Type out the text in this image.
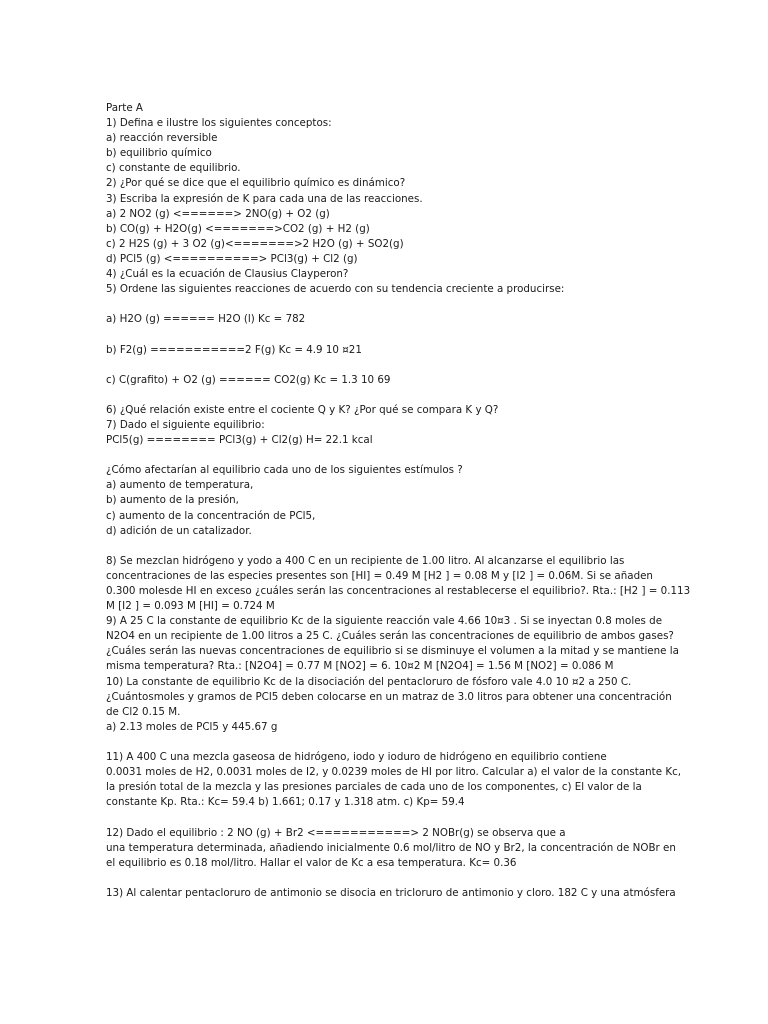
Parte A
1) Defina e ilustre los siguientes conceptos:
a) reacción reversible
b) equilibrio químico
c) constante de equilibrio.
2) ¿Por qué se dice que el equilibrio químico es dinámico?
3) Escriba la expresión de K para cada una de las reacciones.
a) 2 NO2 (g) <======> 2NO(g) + O2 (g)
b) CO(g) + H2O(g) <=======>CO2 (g) + H2 (g)
c) 2 H2S (g) + 3 O2 (g)<=======>2 H2O (g) + SO2(g)
d) PCl5 (g) <==========> PCl3(g) + Cl2 (g)
4) ¿Cuál es la ecuación de Clausius Clayperon?
5) Ordene las siguientes reacciones de acuerdo con su tendencia creciente a producirse:
a) H2O (g) ====== H2O (l) Kc = 782
b) F2(g) ===========2 F(g) Kc = 4.9 10 ¤21
c) C(grafito) + O2 (g) ====== CO2(g) Kc = 1.3 10 69
6) ¿Qué relación existe entre el cociente Q y K? ¿Por qué se compara K y Q?
7) Dado el siguiente equilibrio:
PCl5(g) ======== PCl3(g) + Cl2(g) H= 22.1 kcal
¿Cómo afectarían al equilibrio cada uno de los siguientes estímulos ?
a) aumento de temperatura,
b) aumento de la presión,
c) aumento de la concentración de PCl5,
d) adición de un catalizador.
8) Se mezclan hidrógeno y yodo a 400 C en un recipiente de 1.00 litro. Al alcanzarse el equilibrio las
concentraciones de las especies presentes son [HI] = 0.49 M [H2 ] = 0.08 M y [I2 ] = 0.06M. Si se añaden
0.300 molesde HI en exceso ¿cuáles serán las concentraciones al restablecerse el equilibrio?. Rta.: [H2 ] = 0.113
M [I2 ] = 0.093 M [HI] = 0.724 M
9) A 25 C la constante de equilibrio Kc de la siguiente reacción vale 4.66 10¤3 . Si se inyectan 0.8 moles de
N2O4 en un recipiente de 1.00 litros a 25 C. ¿Cuáles serán las concentraciones de equilibrio de ambos gases?
¿Cuáles serán las nuevas concentraciones de equilibrio si se disminuye el volumen a la mitad y se mantiene la
misma temperatura? Rta.: [N2O4] = 0.77 M [NO2] = 6. 10¤2 M [N2O4] = 1.56 M [NO2] = 0.086 M
10) La constante de equilibrio Kc de la disociación del pentacloruro de fósforo vale 4.0 10 ¤2 a 250 C.
¿Cuántosmoles y gramos de PCl5 deben colocarse en un matraz de 3.0 litros para obtener una concentración
de Cl2 0.15 M.
a) 2.13 moles de PCl5 y 445.67 g
11) A 400 C una mezcla gaseosa de hidrógeno, iodo y ioduro de hidrógeno en equilibrio contiene
0.0031 moles de H2, 0.0031 moles de I2, y 0.0239 moles de HI por litro. Calcular a) el valor de la constante Kc,
la presión total de la mezcla y las presiones parciales de cada uno de los componentes, c) El valor de la
constante Kp. Rta.: Kc= 59.4 b) 1.661; 0.17 y 1.318 atm. c) Kp= 59.4
12) Dado el equilibrio : 2 NO (g) + Br2 <===========> 2 NOBr(g) se observa que a
una temperatura determinada, añadiendo inicialmente 0.6 mol/litro de NO y Br2, la concentración de NOBr en
el equilibrio es 0.18 mol/litro. Hallar el valor de Kc a esa temperatura. Kc= 0.36
13) Al calentar pentacloruro de antimonio se disocia en tricloruro de antimonio y cloro. 182 C y una atmósfera
